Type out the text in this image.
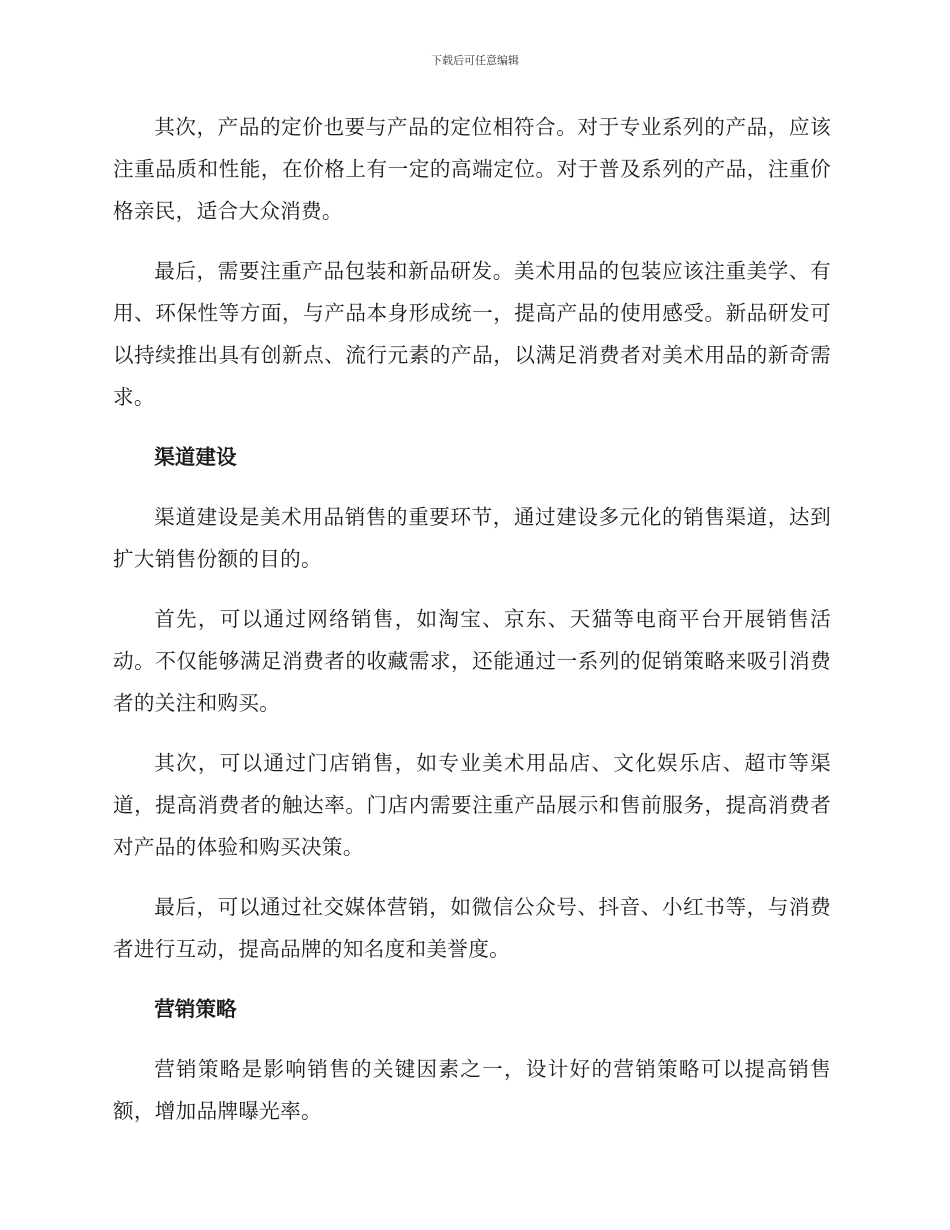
下载后可任意编辑

其次，产品的定价也要与产品的定位相符合。对于专业系列的产品，应该注重品质和性能，在价格上有一定的高端定位。对于普及系列的产品，注重价格亲民，适合大众消费。

最后，需要注重产品包装和新品研发。美术用品的包装应该注重美学、有用、环保性等方面，与产品本身形成统一，提高产品的使用感受。新品研发可以持续推出具有创新点、流行元素的产品，以满足消费者对美术用品的新奇需求。

渠道建设

渠道建设是美术用品销售的重要环节，通过建设多元化的销售渠道，达到扩大销售份额的目的。

首先，可以通过网络销售，如淘宝、京东、天猫等电商平台开展销售活动。不仅能够满足消费者的收藏需求，还能通过一系列的促销策略来吸引消费者的关注和购买。

其次，可以通过门店销售，如专业美术用品店、文化娱乐店、超市等渠道，提高消费者的触达率。门店内需要注重产品展示和售前服务，提高消费者对产品的体验和购买决策。

最后，可以通过社交媒体营销，如微信公众号、抖音、小红书等，与消费者进行互动，提高品牌的知名度和美誉度。

营销策略

营销策略是影响销售的关键因素之一，设计好的营销策略可以提高销售额，增加品牌曝光率。
